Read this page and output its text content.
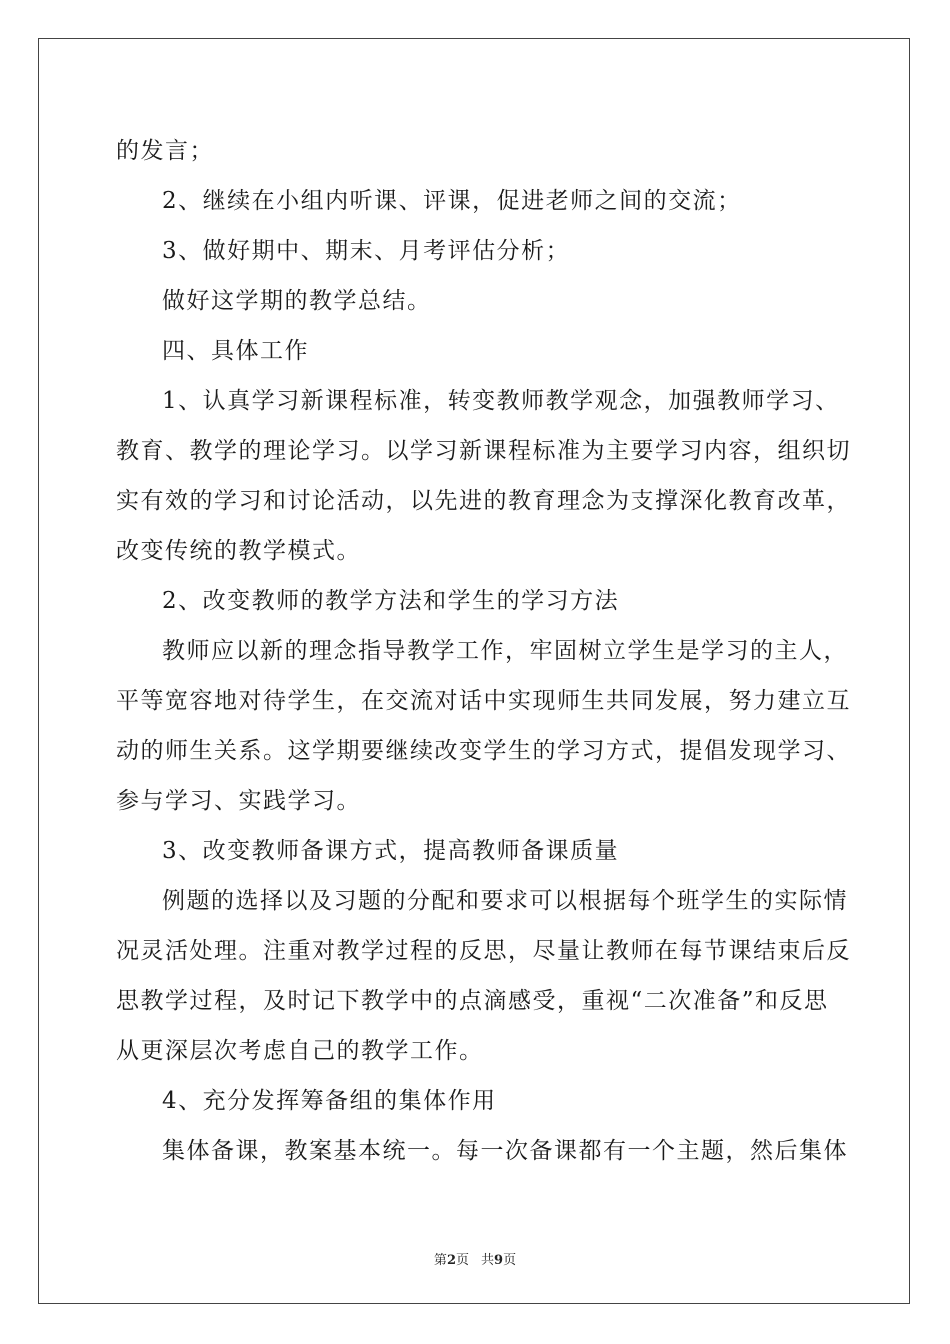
的发言；
2、继续在小组内听课、评课，促进老师之间的交流；
3、做好期中、期末、月考评估分析；
做好这学期的教学总结。
四、具体工作
1、认真学习新课程标准，转变教师教学观念，加强教师学习、
教育、教学的理论学习。以学习新课程标准为主要学习内容，组织切
实有效的学习和讨论活动，以先进的教育理念为支撑深化教育改革，
改变传统的教学模式。
2、改变教师的教学方法和学生的学习方法
教师应以新的理念指导教学工作，牢固树立学生是学习的主人，
平等宽容地对待学生，在交流对话中实现师生共同发展，努力建立互
动的师生关系。这学期要继续改变学生的学习方式，提倡发现学习、
参与学习、实践学习。
3、改变教师备课方式，提高教师备课质量
例题的选择以及习题的分配和要求可以根据每个班学生的实际情
况灵活处理。注重对教学过程的反思，尽量让教师在每节课结束后反
思教学过程，及时记下教学中的点滴感受，重视“二次准备”和反思
从更深层次考虑自己的教学工作。
4、充分发挥筹备组的集体作用
集体备课，教案基本统一。每一次备课都有一个主题，然后集体
第2页 共9页
